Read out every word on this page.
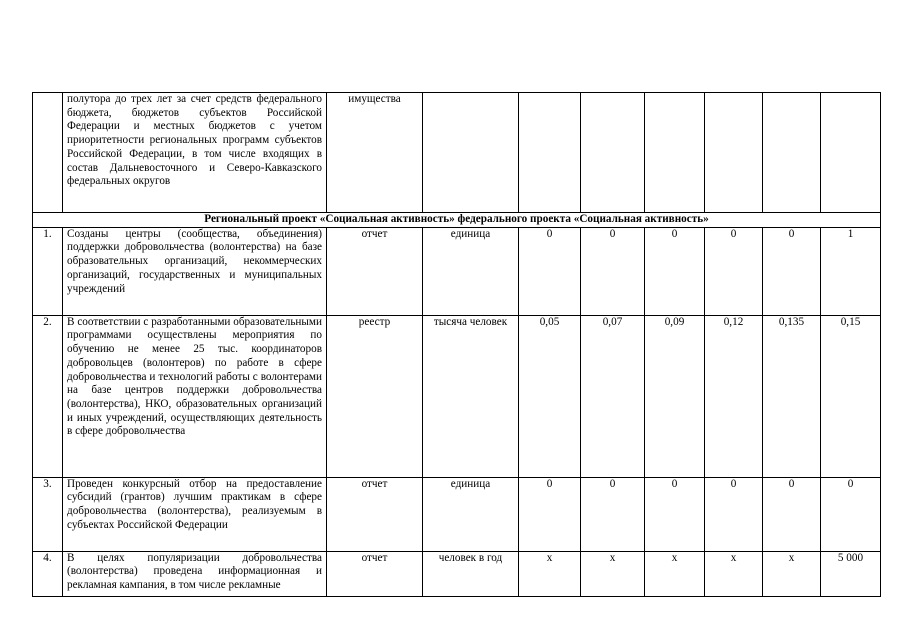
	полутора до трех лет за счет средств федерального бюджета, бюджетов субъектов Российской Федерации и местных бюджетов с учетом приоритетности региональных программ субъектов Российской Федерации, в том числе входящих в состав Дальневосточного и Северо-Кавказского федеральных округов	имущества							
Региональный проект «Социальная активность» федерального проекта «Социальная активность»									
1.	Созданы центры (сообщества, объединения) поддержки добровольчества (волонтерства) на базе образовательных организаций, некоммерческих организаций, государственных и муниципальных учреждений	отчет	единица	0	0	0	0	0	1
2.	В соответствии с разработанными образовательными программами осуществлены мероприятия по обучению не менее 25 тыс. координаторов добровольцев (волонтеров) по работе в сфере добровольчества и технологий работы с волонтерами на базе центров поддержки добровольчества (волонтерства), НКО, образовательных организаций и иных учреждений, осуществляющих деятельность в сфере добровольчества	реестр	тысяча человек	0,05	0,07	0,09	0,12	0,135	0,15
3.	Проведен конкурсный отбор на предоставление субсидий (грантов) лучшим практикам в сфере добровольчества (волонтерства), реализуемым в субъектах Российской Федерации	отчет	единица	0	0	0	0	0	0
4.	В целях популяризации добровольчества (волонтерства) проведена информационная и рекламная кампания, в том числе рекламные	отчет	человек в год	х	х	х	х	х	5 000
